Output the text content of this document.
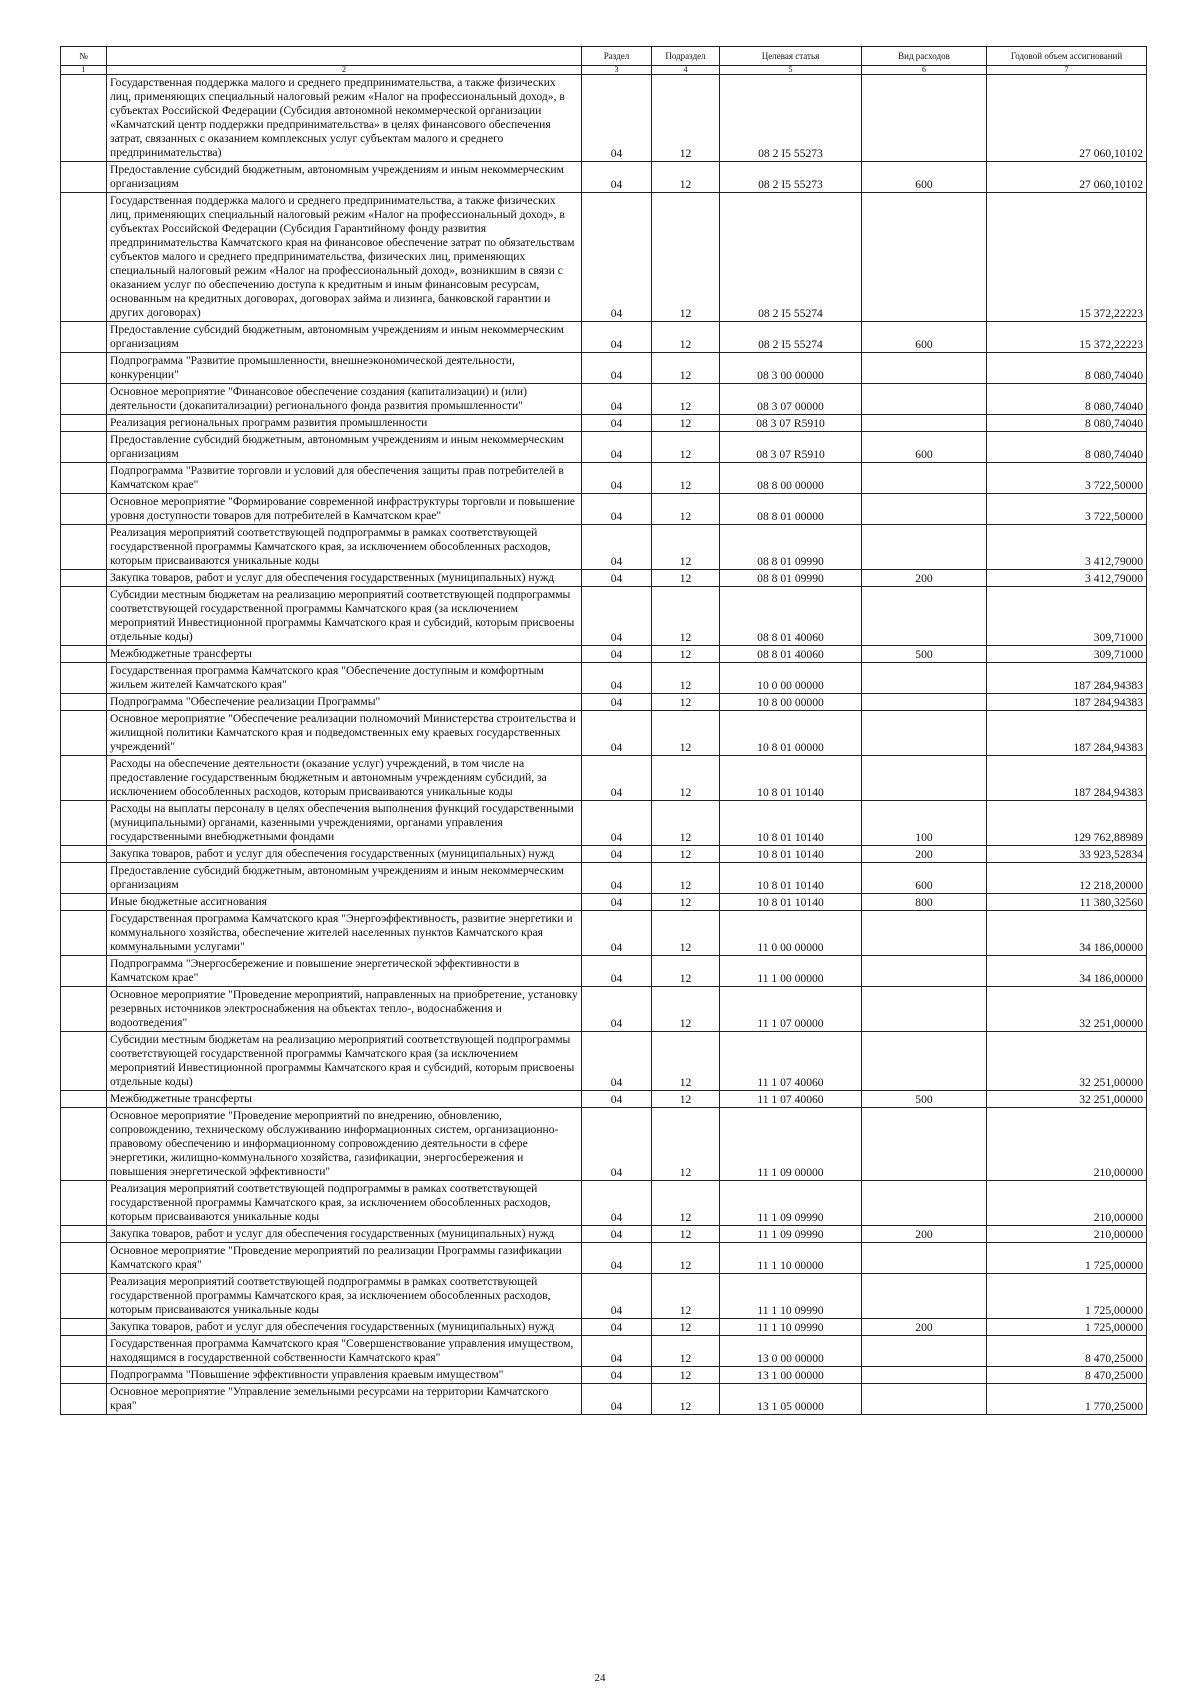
№		Раздел	Подраздел	Целевая статья	Вид расходов	Годовой объем ассигнований
1	2	3	4	5	6	7
	Государственная поддержка малого и среднего предпринимательства, а также физических лиц, применяющих специальный налоговый режим «Налог на профессиональный доход», в субъектах Российской Федерации (Субсидия автономной некоммерческой организации «Камчатский центр поддержки предпринимательства» в целях финансового обеспечения затрат, связанных с оказанием комплексных услуг субъектам малого и среднего предпринимательства)	04	12	08 2 I5 55273		27 060,10102
	Предоставление субсидий бюджетным, автономным учреждениям и иным некоммерческим организациям	04	12	08 2 I5 55273	600	27 060,10102
	Государственная поддержка малого и среднего предпринимательства, а также физических лиц, применяющих специальный налоговый режим «Налог на профессиональный доход», в субъектах Российской Федерации (Субсидия Гарантийному фонду развития предпринимательства Камчатского края на финансовое обеспечение затрат по обязательствам субъектов малого и среднего предпринимательства, физических лиц, применяющих специальный налоговый режим «Налог на профессиональный доход», возникшим в связи с оказанием услуг по обеспечению доступа к кредитным и иным финансовым ресурсам, основанным на кредитных договорах, договорах займа и лизинга, банковской гарантии и других договорах)	04	12	08 2 I5 55274		15 372,22223
	Предоставление субсидий бюджетным, автономным учреждениям и иным некоммерческим организациям	04	12	08 2 I5 55274	600	15 372,22223
	Подпрограмма "Развитие промышленности, внешнеэкономической деятельности, конкуренции"	04	12	08 3 00 00000		8 080,74040
	Основное мероприятие "Финансовое обеспечение создания (капитализации) и (или) деятельности (докапитализации) регионального фонда развития промышленности"	04	12	08 3 07 00000		8 080,74040
	Реализация региональных программ развития промышленности	04	12	08 3 07 R5910		8 080,74040
	Предоставление субсидий бюджетным, автономным учреждениям и иным некоммерческим организациям	04	12	08 3 07 R5910	600	8 080,74040
	Подпрограмма "Развитие торговли и условий для обеспечения защиты прав потребителей в Камчатском крае"	04	12	08 8 00 00000		3 722,50000
	Основное мероприятие "Формирование современной инфраструктуры торговли и повышение уровня доступности товаров для потребителей в Камчатском крае"	04	12	08 8 01 00000		3 722,50000
	Реализация мероприятий соответствующей подпрограммы в рамках соответствующей государственной программы Камчатского края, за исключением обособленных расходов, которым присваиваются уникальные коды	04	12	08 8 01 09990		3 412,79000
	Закупка товаров, работ и услуг для обеспечения государственных (муниципальных) нужд	04	12	08 8 01 09990	200	3 412,79000
	Субсидии местным бюджетам на реализацию мероприятий соответствующей подпрограммы соответствующей государственной программы Камчатского края (за исключением мероприятий Инвестиционной программы Камчатского края и субсидий, которым присвоены отдельные коды)	04	12	08 8 01 40060		309,71000
	Межбюджетные трансферты	04	12	08 8 01 40060	500	309,71000
	Государственная программа Камчатского края "Обеспечение доступным и комфортным жильем жителей Камчатского края"	04	12	10 0 00 00000		187 284,94383
	Подпрограмма "Обеспечение реализации Программы"	04	12	10 8 00 00000		187 284,94383
	Основное мероприятие "Обеспечение реализации полномочий Министерства строительства и жилищной политики Камчатского края и подведомственных ему краевых государственных учреждений"	04	12	10 8 01 00000		187 284,94383
	Расходы на обеспечение деятельности (оказание услуг) учреждений, в том числе на предоставление государственным бюджетным и автономным учреждениям субсидий, за исключением обособленных расходов, которым присваиваются уникальные коды	04	12	10 8 01 10140		187 284,94383
	Расходы на выплаты персоналу в целях обеспечения выполнения функций государственными (муниципальными) органами, казенными учреждениями, органами управления государственными внебюджетными фондами	04	12	10 8 01 10140	100	129 762,88989
	Закупка товаров, работ и услуг для обеспечения государственных (муниципальных) нужд	04	12	10 8 01 10140	200	33 923,52834
	Предоставление субсидий бюджетным, автономным учреждениям и иным некоммерческим организациям	04	12	10 8 01 10140	600	12 218,20000
	Иные бюджетные ассигнования	04	12	10 8 01 10140	800	11 380,32560
	Государственная программа Камчатского края "Энергоэффективность, развитие энергетики и коммунального хозяйства, обеспечение жителей населенных пунктов Камчатского края коммунальными услугами"	04	12	11 0 00 00000		34 186,00000
	Подпрограмма "Энергосбережение и повышение энергетической эффективности в Камчатском крае"	04	12	11 1 00 00000		34 186,00000
	Основное мероприятие "Проведение мероприятий, направленных на приобретение, установку резервных источников электроснабжения на объектах тепло-, водоснабжения и водоотведения"	04	12	11 1 07 00000		32 251,00000
	Субсидии местным бюджетам на реализацию мероприятий соответствующей подпрограммы соответствующей государственной программы Камчатского края (за исключением мероприятий Инвестиционной программы Камчатского края и субсидий, которым присвоены отдельные коды)	04	12	11 1 07 40060		32 251,00000
	Межбюджетные трансферты	04	12	11 1 07 40060	500	32 251,00000
	Основное мероприятие "Проведение мероприятий по внедрению, обновлению, сопровождению, техническому обслуживанию информационных систем, организационно-правовому обеспечению и информационному сопровождению деятельности в сфере энергетики, жилищно-коммунального хозяйства, газификации, энергосбережения и повышения энергетической эффективности"	04	12	11 1 09 00000		210,00000
	Реализация мероприятий соответствующей подпрограммы в рамках соответствующей государственной программы Камчатского края, за исключением обособленных расходов, которым присваиваются уникальные коды	04	12	11 1 09 09990		210,00000
	Закупка товаров, работ и услуг для обеспечения государственных (муниципальных) нужд	04	12	11 1 09 09990	200	210,00000
	Основное мероприятие "Проведение мероприятий по реализации Программы газификации Камчатского края"	04	12	11 1 10 00000		1 725,00000
	Реализация мероприятий соответствующей подпрограммы в рамках соответствующей государственной программы Камчатского края, за исключением обособленных расходов, которым присваиваются уникальные коды	04	12	11 1 10 09990		1 725,00000
	Закупка товаров, работ и услуг для обеспечения государственных (муниципальных) нужд	04	12	11 1 10 09990	200	1 725,00000
	Государственная программа Камчатского края "Совершенствование управления имуществом, находящимся в государственной собственности Камчатского края"	04	12	13 0 00 00000		8 470,25000
	Подпрограмма "Повышение эффективности управления краевым имуществом"	04	12	13 1 00 00000		8 470,25000
	Основное мероприятие "Управление земельными ресурсами на территории Камчатского края"	04	12	13 1 05 00000		1 770,25000
24
